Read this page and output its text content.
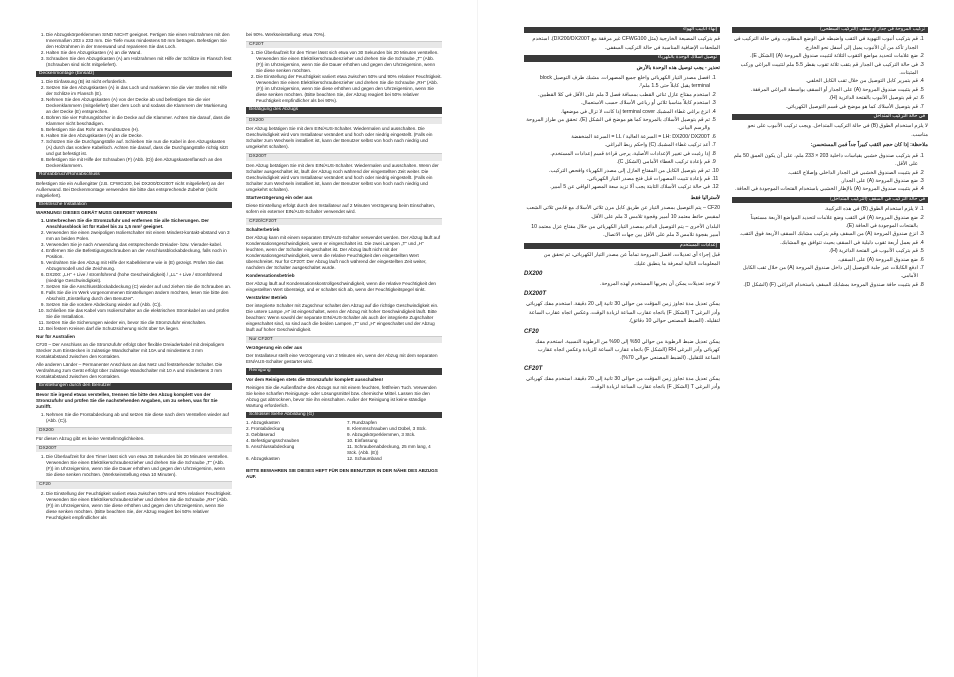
1. Die Abzugskörperklemmen SIND NICHT geeignet. Fertigen Sie einen Holzrahmen mit den Innenmaßen 203 x 233 mm. Die Tiefe muss mindestens 50 mm betragen. Befestigen Sie den Holzrahmen in der Innenwand und reparieren Sie das Loch.
2. Halten Sie den Abzugskasten (A) an die Wand.
3. Schrauben Sie den Abzugskasten (A) am Holzrahmen mit Hilfe der Schlitze im Flansch fest (Schrauben sind nicht mitgeliefert).
Deckenmontage (Einsatz)
1. Die Einfassung (B) ist nicht erforderlich.
2. Setzen Sie den Abzugskasten (A) in das Loch und markieren Sie die vier Stellen mit Hilfe der Schlitze im Flansch (E).
3. Nehmen Sie den Abzugskasten (A) von der Decke ab und befestigen Sie die vier Deckenklammern (mitgeliefert) über dem Loch und sodass die Klammern der Markierung an der Decke (E) entsprechen.
4. Bohren Sie vier Führungslöcher in die Decke auf die Klammer. Achten Sie darauf, dass die Klammer nicht beschädigen.
5. Befestigen Sie das Rohr am Rundstutzen (H).
6. Halten Sie den Abzugskasten (A) an die Decke.
7. Schützen Sie die Durchgangstülle auf. Schieben Sie nun die Kabel in den Abzugskasten (A) durch das vordere Kabelloch. Achten Sie darauf, dass die Durchgangstülle richtig sitzt und gut befestigt ist.
8. Befestigen Sie mit Hilfe der Schrauben (F) (Abb. (D)) den Abzugskastenflansch an den Deckenklammern.
Rohrabbruch/Rohrabschluss
Befestigen Sie ein Außengitter (z.B. CFWG100, bei DX200/DX200T nicht mitgeliefert) an der Außenwand. Bei Deckenmontage verwenden Sie bitte das entsprechende Zubehör (nicht mitgeliefert).
Elektrische Installation
WARNUNG! DIESES GERÄT MUSS GEERDET WERDEN
1. Unterbrechen Sie die Stromzufuhr und entfernen Sie alle Sicherungen. Der Anschlussblock ist für Kabel bis zu 1,5 mm² geeignet.
2. Verwenden Sie einen zweipoligen Isolierschalter mit einem Mindest-kontakt-abstand von 3 mm an beiden Polen.
3. Verwenden Sie je nach Anwendung das entsprechende Dreiader- bzw. Vierader-kabel.
4. Entfernen Sie die Befestigungsschrauben an der Anschlussblockabdeckung, falls noch in Position.
5. Verdrahten Sie den Abzug mit Hilfe der Kabelklemme wie in (E) gezeigt. Prüfen Sie das Abzugsmodell und die Zeichnung.
6. DX200: „LH" + Live / stromführend (hohe Geschwindigkeit) / „LL" + Live / stromführend (niedrige Geschwindigkeit).
7. Setzen Sie die Anschlussblockabdeckung (C) wieder auf und ziehen Sie die Schrauben an.
8. Falls Sie die im Werk vorgenommenen Einstellungen ändern möchten, lesen Sie bitte den Abschnitt „Einstellung durch den Benutzer".
9. Setzen Sie die vordere Abdeckung wieder auf (Abb. (C)).
10. Schließen Sie das Kabel vom Isolierschalter an die elektrischen Stromkabel an und prüfen Sie die Installation.
11. Setzen Sie die Sicherungen wieder ein, bevor Sie die Stromzufuhr einschalten.
12. Bei festem Kreisen darf die Schutzsicherung nicht über 5A liegen.
Nur für Australien
CF20 – Der Anschluss an die Stromzufuhr erfolgt über flexible Dreiaderkabel mit dreipoligem Stecker zum Einstecken in zulässige Wandschalter mit 10A und mindestens 3 mm Kontaktabstand zwischen den Kontakten.
Alle anderen Länder – Permanenter Anschluss an das Netz und feststehender Schalter. Die Verdrahtung zum Gerät erfolgt über zulässige Wandschalter mit 10 A und mindestens 3 mm Kontaktabstand zwischen den Kontakten.
Einstellungen durch den Benutzer
Bevor Sie irgend etwas verstellen, trennen Sie bitte den Abzug komplett von der Stromzufuhr und prüfen Sie die nachstehenden Angaben, um zu sehen, was für Sie zutrifft.
1. Nehmen Sie die Frontabdeckung ab und setzen Sie diese nach dem Verstellen wieder auf (Abb. (C)).
DX200
Für diesen Abzug gibt es keine Verstellmöglichkeiten.
DX200T
1. Die Überlaufzeit für den Timer lässt sich von etwa 30 Sekunden bis 20 Minuten verstellen. Verwenden Sie einen Elektrikerschraubenzieher und drehen Sie die Schraube „T" (Abb. (F)) im Uhrzeigersinn, wenn Sie die Dauer erhöhen und gegen den Uhrzeigersinn, wenn Sie diese senken möchten. (Werkseinstellung etwa 10 Minuten).
CF20
2. Die Einstellung der Feuchtigkeit variiert etwa zwischen 50% und 90% relativer Feuchtigkeit. Verwenden Sie einen Elektrikerschraubenzieher und drehen Sie die Schraube „RH" (Abb. (F)) im Uhrzeigersinn, wenn Sie diese erhöhen und gegen den Uhrzeigersinn, wenn Sie diese senken möchten. (Bitte beachten Sie, der Abzug reagiert bei 50% relativer Feuchtigkeit empfindlicher als
bei 90%. Werkseinstellung: etwa 70%).
CF20T
1. Die Überlaufzeit für den Timer lässt sich etwa von 30 Sekunden bis 20 Minuten verstellen. Verwenden Sie einen Elektrikerschraubenzieher und drehen Sie die Schraube „T" (Abb. (F)) im Uhrzeigersinn, wenn Sie die Dauer erhöhen und gegen den Uhrzeigersinn, wenn Sie diese senken möchten.
2. Die Einstellung der Feuchtigkeit variiert etwa zwischen 50% und 90% relativer Feuchtigkeit. Verwenden Sie einen Elektrikerschraubenzieher und drehen Sie die Schraube „RH" (Abb. (F)) im Uhrzeigersinn, wenn Sie diese erhöhen und gegen den Uhrzeigersinn, wenn Sie diese senken möchten. (Bitte beachten Sie, der Abzug reagiert bei 50% relativer Feuchtigkeit empfindlicher als bei 90%).
Betätigung des Abzugs
DX200
Der Abzug betätigen Sie mit dem EIN/AUS-Schalter. Wiedermalen und ausschalten. Die Geschwindigkeit wird vom Installateur verändert und hoch oder niedrig eingestellt. (Falls ein Schalter zum Wechseln installiert ist, kann der Benutzer selbst von hoch nach niedrig und umgekehrt schalten).
DX200T
Den Abzug betätigen Sie mit dem EIN/AUS-Schalter. Wiedermalen und ausschalten. Wenn der Schalter ausgeschaltet ist, läuft der Abzug noch während der eingestellten Zeit weiter. Die Geschwindigkeit wird vom Installateur verändert und hoch oder niedrig eingestellt. (Falls ein Schalter zum Wechseln installiert ist, kann der Benutzer selbst von hoch nach niedrig und umgekehrt schalten).
Startverzögerung ein oder aus
Diese Einstellung erfolgt durch den Installateur auf 2 Minuten Verzögerung beim Einschalten, sofern ein externer EIN/AUS-Schalter verwendet wird.
CF20/CF20T
Schalterbetrieb
Der Abzug kann mit einem separaten EIN/AUS-Schalter verwendet werden. Der Abzug läuft auf Kondensationsgeschwindigkeit, wenn er eingeschaltet ist. Die zwei Lampen „T" und „H" leuchten, wenn der Schalter eingeschaltet ist. Der Abzug läuft nicht mit der Kondensationsgeschwindigkeit, wenn die relative Feuchtigkeit den eingestellten Wert überschreitet. Nur für CF20T: Der Abzug läuft noch während der eingestellten Zeit weiter, nachdem der Schalter ausgeschaltet wurde.
Kondensationsbetrieb
Der Abzug läuft auf Kondensationskontrollgeschwindigkeit, wenn die relative Feuchtigkeit den eingestellten Wert übersteigt, und er schaltet sich ab, wenn der Feuchtigkeitspegel sinkt.
Verstärkter Betrieb
Der integrierte Schalter mit Zugschnur schaltet den Abzug auf die richtige Geschwindigkeit ein. Die untere Lampe „H" ist eingeschaltet, wenn der Abzug mit hoher Geschwindigkeit läuft. Bitte beachten: Wenn sowohl der separate EIN/AUS-Schalter als auch der integrierte Zugschalter eingeschaltet sind, so sind auch die beiden Lampen „T" und „H" eingeschaltet und der Abzug läuft auf hoher Geschwindigkeit.
Nur CF20T
Verzögerung ein oder aus
Der Installateur stellt eine Verzögerung von 2 Minuten ein, wenn der Abzug mit dem separaten EIN/AUS-Schalter gestartet wird.
Reinigung
Vor dem Reinigen stets die Stromzufuhr komplett ausschalten!
Reinigen Sie die Außenfläche des Abzugs nur mit einem feuchten, fettfreien Tuch. Verwenden Sie keine scharfen Reinigungs- oder Lösungsmittel bzw. chemische Mittel. Lassen Sie den Abzug gut abtrocknen, bevor Sie ihn einschalten. Außer der Reinigung ist keine ständige Wartung erforderlich.
Schlüssel Siehe Abbildung (G)
1. Abzugskasten	7. Rundzapfen
2. Frontabdeckung	8. Klemmschrauben und Dübel, 3 Stck.
3. Gebläserad	9. Abzugskörperklemmen, 3 Stck.
4. Befestigungsschrauben	10. Einfassung
5. Anschlussabdeckung	11. Schraubenabdeckung, 25 mm lang, 4 Stck. (Abb. (E))
6. Abzugskasten	12. Schaumband
BITTE BEWAHREN SIE DIESES HEFT FÜR DEN BENUTZER IN DER NÄHE DES ABZUGS AUF.
إنهاء أنابيب الهواء
قم بتركيب المصبعة الخارجية (مثل CFWG100 غير مرفقة مع DX200/DX200T). استخدم الملحقات الإضافية المناسبة في حالة التركيب السقفي.
توصيل أسلاك الوحدة بالكهرباء
تحذير - يجب توصيل هذه الوحدة بالأرض
1. افصل مصدر التيار الكهربائي واخلع جميع المصهرات. مشبك طرف التوصيل block terminal يقبل كابلاً حتى 1.5 ملم².
2. استخدم مفتاح عازل ثنائي القطب بمسافة فصل 3 ملم على الأقل في كلا القطبين.
3. استخدم كابلاً مناسبا ثلاثي أو رباعي الأسلاك حسب الاستعمال.
4. انزع براغي غطاء المشبك terminal cover إذا كانت لا تزال في موضعها.
5. ثم قم بتوصيل الأسلاك بالمروحة كما هو موضح في الشكل (E). تحقق من طراز المروحة والرسم البياني.
6. LH: DX200/ DX200T = السرعة العالية / LL = السرعة المنخفضة
7. أعد تركيب غطاء المشبك (C) واحكم ربط البراغي.
8. إذا رغبت في تغيير الإعدادات الأصلية، يرجى قراءة قسم إعدادات المستخدم.
9. قم بإعادة تركيب الغطاء الأمامي (الشكل C).
10. ثم قم بتوصيل الكابل من المفتاح العازل إلى مصدر الكهرباء وافحص التركيب.
11. قم بإعادة تثبيت المصهرات قبل فتح مصدر التيار الكهربائي.
12. في حالة تركيب الأسلاك الثابتة يجب ألا تزيد سعة المصهر الواقي عن 5 أمبير.
لأستراليا فقط
CF20 – يتم التوصيل بمصدر التيار عن طريق كابل مرن ثلاثي الأسلاك مع قابس ثلاثي الشعب لمقبس حائط معتمد 10 أمبير وفجوة تلامس 3 ملم على الأقل.
البلدان الأخرى – يتم التوصيل الدائم بمصدر التيار الكهربائي من خلال مفتاح عزل معتمد 10 أمبير بفجوة تلامس 3 ملم على الأقل بين جهات الاتصال.
إعدادات المستخدم
قبل إجراء أي تعديلات، افصل المروحة تماماً عن مصدر التيار الكهربائي، ثم تحقق من المعلومات التالية لمعرفة ما ينطبق عليك.
DX200
لا توجد تعديلات يمكن أن يجريها المستخدم لهذه المروحة.
DX200T
يمكن تعديل مدة تجاوز زمن المؤقت من حوالي 30 ثانية إلى 20 دقيقة. استخدم مفك كهربائي وأدر البرغي T (الشكل F) باتجاه عقارب الساعة لزيادة الوقت، وعكس اتجاه عقارب الساعة لتقليله. (الضبط المصنعي حوالي 10 دقائق).
CF20
يمكن تعديل ضبط الرطوبة من حوالي 50% إلى 90% من الرطوبة النسبية. استخدم مفك كهربائي وأدر البرغي RH (الشكل F) باتجاه عقارب الساعة للزيادة وعكس اتجاه عقارب الساعة للتقليل. (الضبط المصنعي حوالي 70%).
CF20T
يمكن تعديل مدة تجاوز زمن المؤقت من حوالي 30 ثانية إلى 20 دقيقة. استخدم مفك كهربائي وأدر البرغي T (الشكل F) باتجاه عقارب الساعة لزيادة الوقت.
تركيب المروحة في جدار أو سقف (التركيب السطحي)
1. قم بتركيب أنبوب التهوية في الثقب واضبطه في الوضع المطلوب. وفي حالة التركيب في الجدار تأكد من أن الأنبوب يميل إلى أسفل نحو الخارج.
2. ضع علامات لتحديد مواضع الثقوب الثلاثة لتثبيت صندوق المروحة (A) (الشكل E).
3. في حالة التركيب في الجدار قم بثقب ثلاثة ثقوب بقطر 5.5 ملم لتثبيت البراغي وركب المثبتات.
4. قم بتمرير كابل التوصيل من خلال ثقب الكابل الخلفي.
5. قم بتثبيت صندوق المروحة (A) على الجدار أو السقف بواسطة البراغي المرفقة.
6. ثم قم بتوصيل الأنبوب بالفتحة الدائرية (H).
7. قم بتوصيل الأسلاك كما هو موضح في قسم التوصيل الكهربائي.
في حالة التركيب المتداخل
لا يلزم استخدام الطوق (B) في حالة التركيب المتداخل. ويجب تركيب الأنبوب على نحو مناسب.
ملاحظة: إذا كان حجم الثقب كبيراً جداً فمن المستحسن:
1. قم بتركيب صندوق خشبي بقياسات داخلية 203 × 233 ملم، على أن يكون العمق 50 ملم على الأقل.
2. قم بتثبيت الصندوق الخشبي في الجدار الداخلي وإصلاح الثقب.
3. ضع صندوق المروحة (A) على الجدار.
4. قم بتثبيت صندوق المروحة (A) بالإطار الخشبي باستخدام الفتحات الموجودة في الحافة.
في حالة التركيب في السقف (التركيب المتداخل)
1. لا يلزم استخدام الطوق (B) في هذه التركيبة.
2. ضع صندوق المروحة (A) في الثقب وضع علامات لتحديد المواضع الأربعة مستعيناً بالفتحات الموجودة في الحافة (E).
3. انزع صندوق المروحة (A) من السقف وقم بتركيب مشابك السقف الأربعة فوق الثقب.
4. قم بعمل أربعة ثقوب دليلية في السقف بحيث تتوافق مع المشابك.
5. قم بتركيب الأنبوب في الفتحة الدائرية (H).
6. ضع صندوق المروحة (A) على السقف.
7. ادفع الكابلات عبر جلبة التوصيل إلى داخل صندوق المروحة (A) من خلال ثقب الكابل الأمامي.
8. قم بتثبيت حافة صندوق المروحة بمشابك السقف باستخدام البراغي (F) (الشكل D).
